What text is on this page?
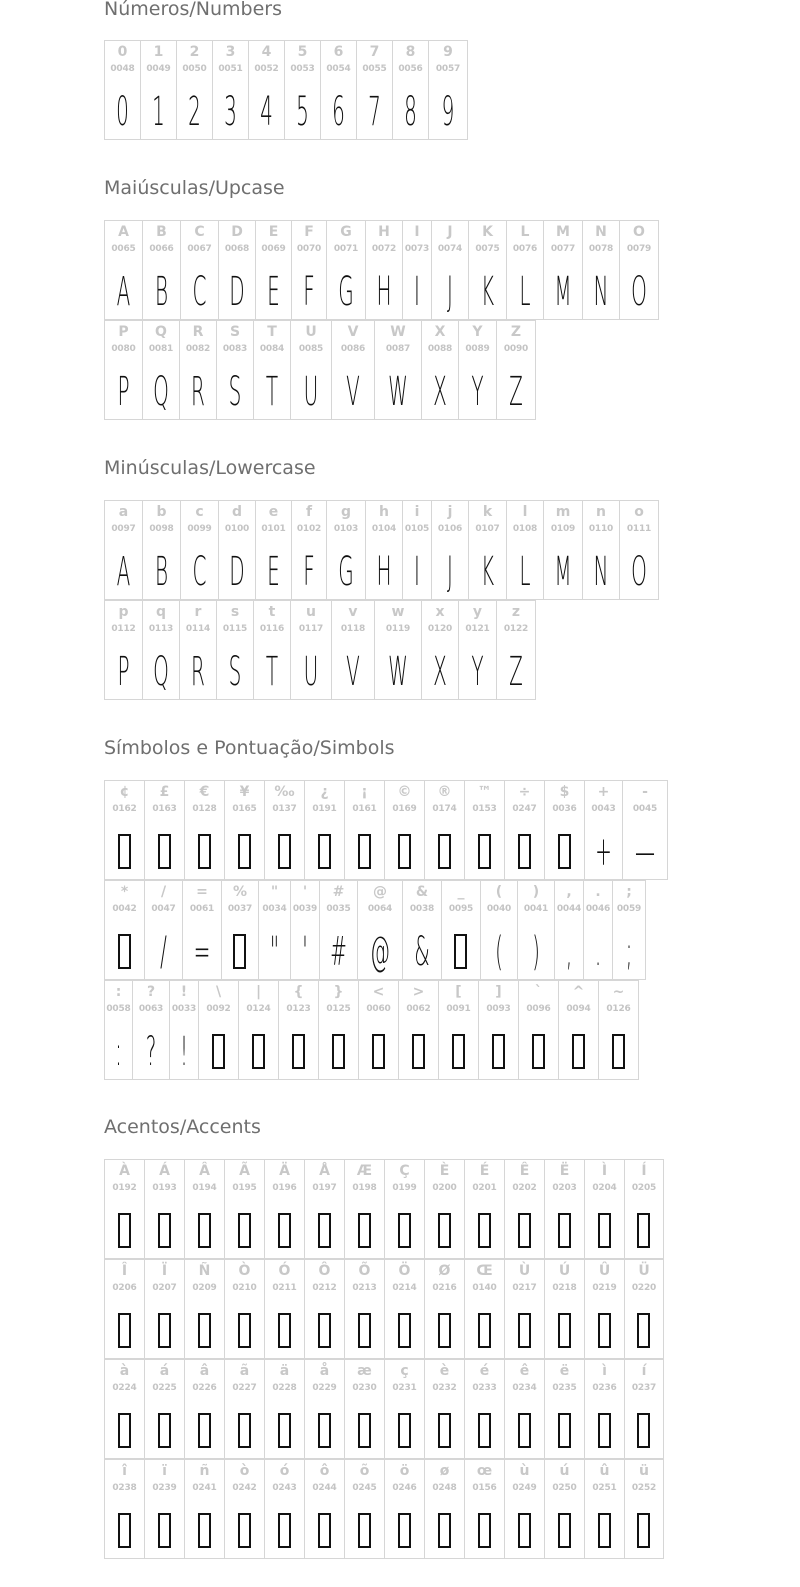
Números/Numbers
0
0048
0
1
0049
1
2
0050
2
3
0051
3
4
0052
4
5
0053
5
6
0054
6
7
0055
7
8
0056
8
9
0057
9
Maiúsculas/Upcase
A
0065
A
B
0066
B
C
0067
C
D
0068
D
E
0069
E
F
0070
F
G
0071
G
H
0072
H
I
0073
I
J
0074
J
K
0075
K
L
0076
L
M
0077
M
N
0078
N
O
0079
O
P
0080
P
Q
0081
Q
R
0082
R
S
0083
S
T
0084
T
U
0085
U
V
0086
V
W
0087
W
X
0088
X
Y
0089
Y
Z
0090
Z
Minúsculas/Lowercase
a
0097
A
b
0098
B
c
0099
C
d
0100
D
e
0101
E
f
0102
F
g
0103
G
h
0104
H
i
0105
I
j
0106
J
k
0107
K
l
0108
L
m
0109
M
n
0110
N
o
0111
O
p
0112
P
q
0113
Q
r
0114
R
s
0115
S
t
0116
T
u
0117
U
v
0118
V
w
0119
W
x
0120
X
y
0121
Y
z
0122
Z
Símbolos e Pontuação/Simbols
¢
0162
£
0163
€
0128
¥
0165
‰
0137
¿
0191
¡
0161
©
0169
®
0174
™
0153
÷
0247
$
0036
+
0043
+
-
0045
—
*
0042
/
0047
/
=
0061
=
%
0037
"
0034
"
'
0039
'
#
0035
#
@
0064
@
&
0038
&
_
0095
(
0040
(
)
0041
)
,
0044
,
.
0046
.
;
0059
;
:
0058
:
?
0063
?
!
0033
!
\
0092
|
0124
{
0123
}
0125
<
0060
>
0062
[
0091
]
0093
`
0096
^
0094
~
0126
Acentos/Accents
À
0192
Á
0193
Â
0194
Ã
0195
Ä
0196
Å
0197
Æ
0198
Ç
0199
È
0200
É
0201
Ê
0202
Ë
0203
Ì
0204
Í
0205
Î
0206
Ï
0207
Ñ
0209
Ò
0210
Ó
0211
Ô
0212
Õ
0213
Ö
0214
Ø
0216
Œ
0140
Ù
0217
Ú
0218
Û
0219
Ü
0220
à
0224
á
0225
â
0226
ã
0227
ä
0228
å
0229
æ
0230
ç
0231
è
0232
é
0233
ê
0234
ë
0235
ì
0236
í
0237
î
0238
ï
0239
ñ
0241
ò
0242
ó
0243
ô
0244
õ
0245
ö
0246
ø
0248
œ
0156
ù
0249
ú
0250
û
0251
ü
0252
